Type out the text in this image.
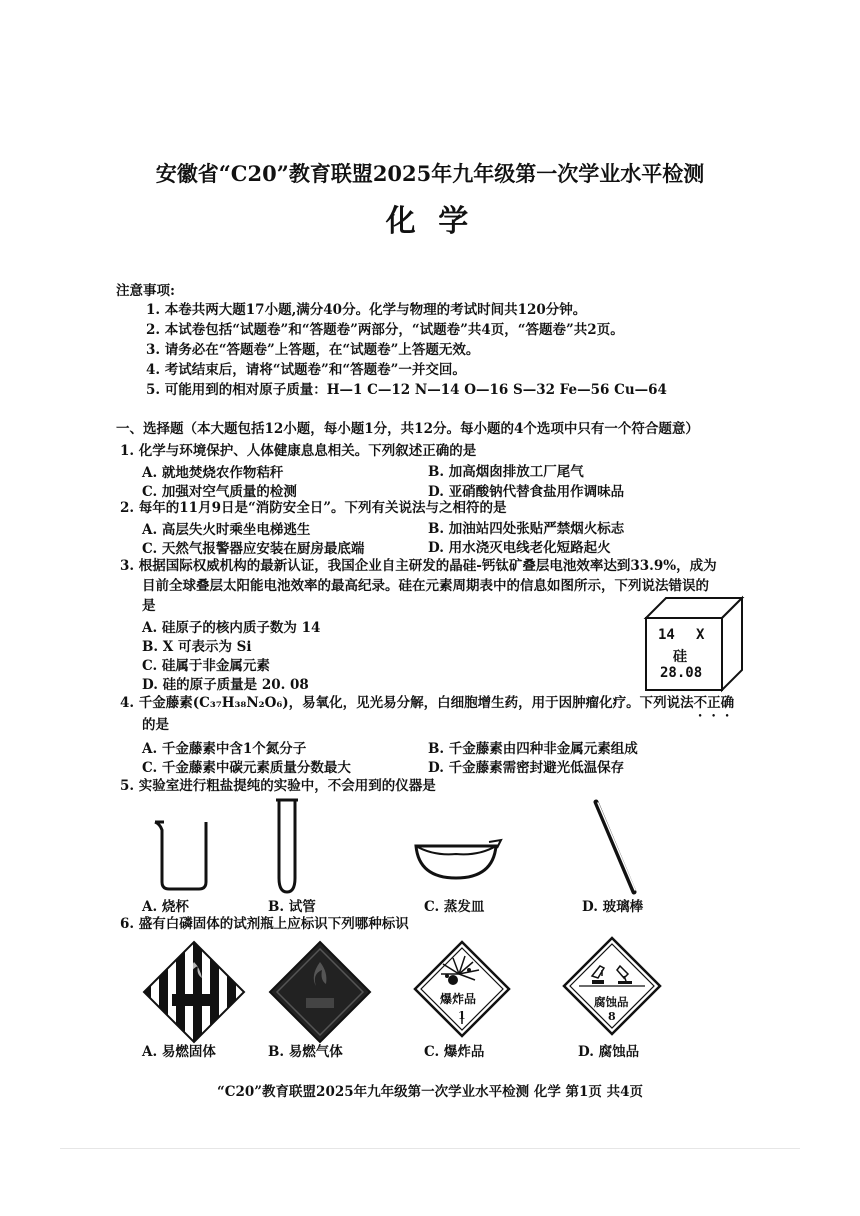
安徽省“C20”教育联盟2025年九年级第一次学业水平检测
化 学
注意事项:
1. 本卷共两大题17小题,满分40分。化学与物理的考试时间共120分钟。
2. 本试卷包括“试题卷”和“答题卷”两部分，“试题卷”共4页，“答题卷”共2页。
3. 请务必在“答题卷”上答题，在“试题卷”上答题无效。
4. 考试结束后，请将“试题卷”和“答题卷”一并交回。
5. 可能用到的相对原子质量：H—1 C—12 N—14 O—16 S—32 Fe—56 Cu—64
一、选择题（本大题包括12小题，每小题1分，共12分。每小题的4个选项中只有一个符合题意）
1. 化学与环境保护、人体健康息息相关。下列叙述正确的是
A. 就地焚烧农作物秸秆	B. 加高烟囱排放工厂尾气
C. 加强对空气质量的检测	D. 亚硝酸钠代替食盐用作调味品
2. 每年的11月9日是“消防安全日”。下列有关说法与之相符的是
A. 高层失火时乘坐电梯逃生	B. 加油站四处张贴严禁烟火标志
C. 天然气报警器应安装在厨房最底端	D. 用水浇灭电线老化短路起火
3. 根据国际权威机构的最新认证，我国企业自主研发的晶硅-钙钛矿叠层电池效率达到33.9%，成为
目前全球叠层太阳能电池效率的最高纪录。硅在元素周期表中的信息如图所示，下列说法错误的
是
A. 硅原子的核内质子数为 14
B. X 可表示为 Si
C. 硅属于非金属元素
D. 硅的原子质量是 20. 08
14 X
硅
28.08
4. 千金藤素(C₃₇H₃₈N₂O₆)，易氧化，见光易分解，白细胞增生药，用于因肿瘤化疗。下列说法不正确
的是
A. 千金藤素中含1个氮分子	B. 千金藤素由四种非金属元素组成
C. 千金藤素中碳元素质量分数最大	D. 千金藤素需密封避光低温保存
5. 实验室进行粗盐提纯的实验中，不会用到的仪器是
A. 烧杯	B. 试管	C. 蒸发皿	D. 玻璃棒
6. 盛有白磷固体的试剂瓶上应标识下列哪种标识
爆炸品
1
腐蚀品
8
A. 易燃固体	B. 易燃气体	C. 爆炸品	D. 腐蚀品
“C20”教育联盟2025年九年级第一次学业水平检测 化学 第1页 共4页
